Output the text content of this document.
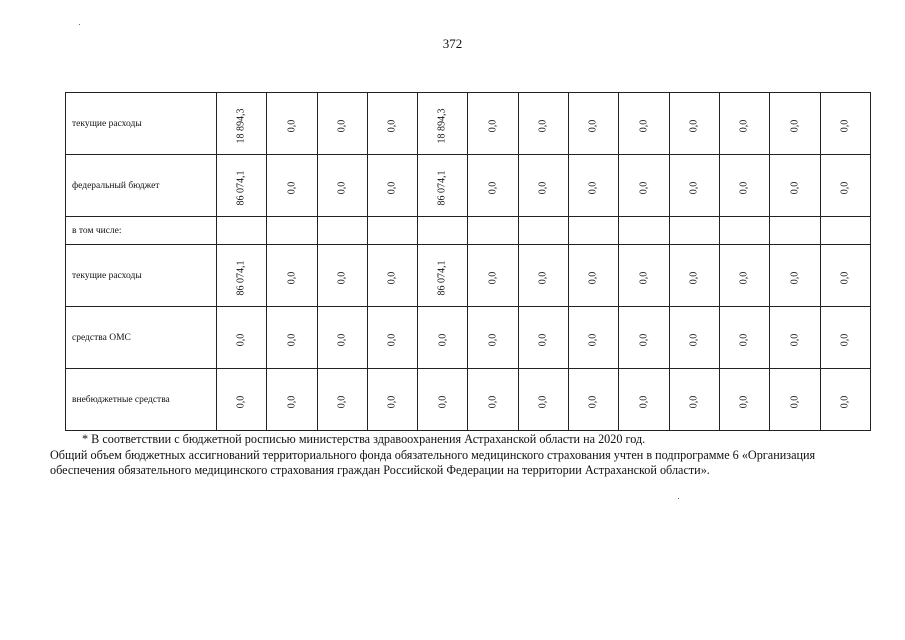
372
текущие расходы	18 894,3	0,0	0,0	0,0	18 894,3	0,0	0,0	0,0	0,0	0,0	0,0	0,0	0,0
федеральный бюджет	86 074,1	0,0	0,0	0,0	86 074,1	0,0	0,0	0,0	0,0	0,0	0,0	0,0	0,0
в том числе:													
текущие расходы	86 074,1	0,0	0,0	0,0	86 074,1	0,0	0,0	0,0	0,0	0,0	0,0	0,0	0,0
средства ОМС	0,0	0,0	0,0	0,0	0,0	0,0	0,0	0,0	0,0	0,0	0,0	0,0	0,0
внебюджетные средства	0,0	0,0	0,0	0,0	0,0	0,0	0,0	0,0	0,0	0,0	0,0	0,0	0,0

* В соответствии с бюджетной росписью министерства здравоохранения Астраханской области на 2020 год.

Общий объем бюджетных ассигнований территориального фонда обязательного медицинского страхования учтен в подпрограмме 6 «Организация обеспечения обязательного медицинского страхования граждан Российской Федерации на территории Астраханской области».
